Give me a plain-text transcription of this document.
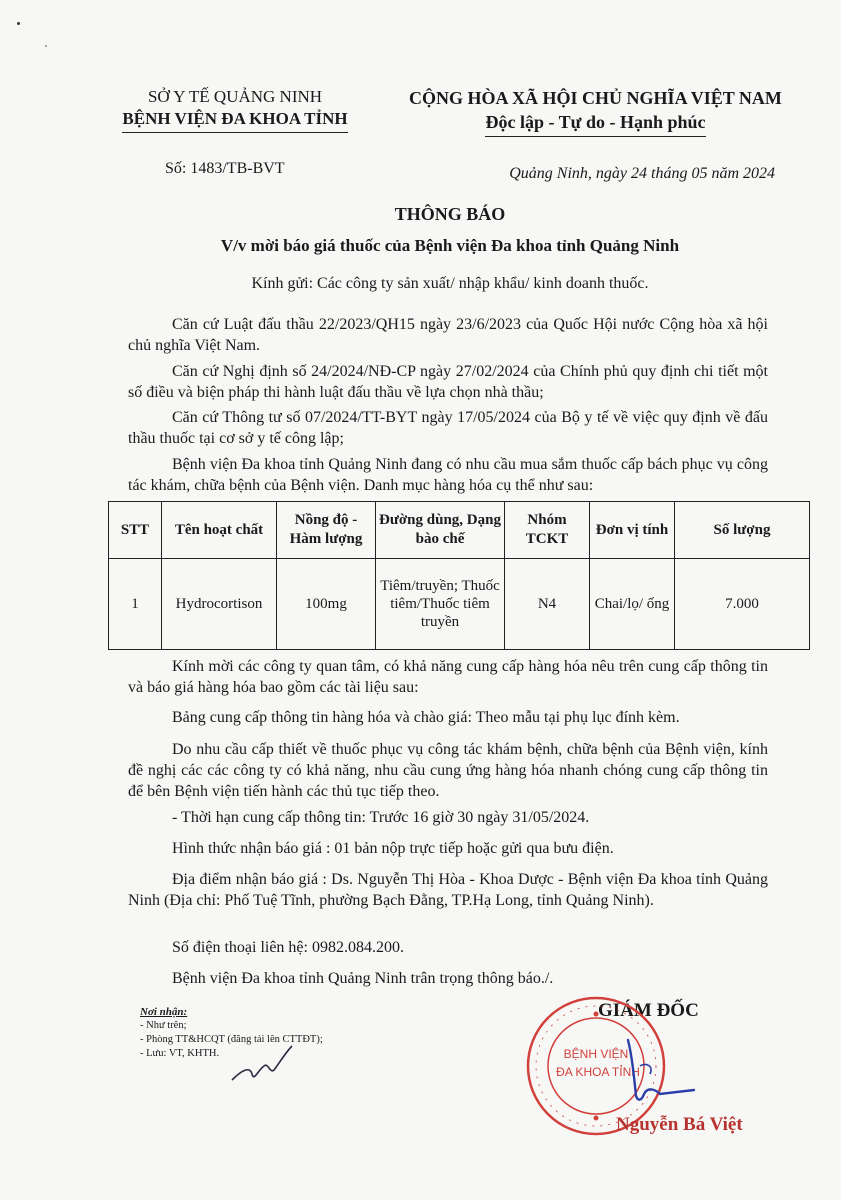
SỞ Y TẾ QUẢNG NINH
BỆNH VIỆN ĐA KHOA TỈNH
CỘNG HÒA XÃ HỘI CHỦ NGHĨA VIỆT NAM
Độc lập - Tự do - Hạnh phúc
Số: 1483/TB-BVT	Quảng Ninh, ngày 24 tháng 05 năm 2024
THÔNG BÁO
V/v mời báo giá thuốc của Bệnh viện Đa khoa tỉnh Quảng Ninh
Kính gửi: Các công ty sản xuất/ nhập khẩu/ kinh doanh thuốc.
Căn cứ Luật đấu thầu 22/2023/QH15 ngày 23/6/2023 của Quốc Hội nước Cộng hòa xã hội chủ nghĩa Việt Nam.
Căn cứ Nghị định số 24/2024/NĐ-CP ngày 27/02/2024 của Chính phủ quy định chi tiết một số điều và biện pháp thi hành luật đấu thầu về lựa chọn nhà thầu;
Căn cứ Thông tư số 07/2024/TT-BYT ngày 17/05/2024 của Bộ y tế về việc quy định về đấu thầu thuốc tại cơ sở y tế công lập;
Bệnh viện Đa khoa tỉnh Quảng Ninh đang có nhu cầu mua sắm thuốc cấp bách phục vụ công tác khám, chữa bệnh của Bệnh viện. Danh mục hàng hóa cụ thể như sau:
STT	Tên hoạt chất	Nồng độ - Hàm lượng	Đường dùng, Dạng bào chế	Nhóm TCKT	Đơn vị tính	Số lượng
1	Hydrocortison	100mg	Tiêm/truyền; Thuốc tiêm/Thuốc tiêm truyền	N4	Chai/lọ/ ống	7.000
Kính mời các công ty quan tâm, có khả năng cung cấp hàng hóa nêu trên cung cấp thông tin và báo giá hàng hóa bao gồm các tài liệu sau:
Bảng cung cấp thông tin hàng hóa và chào giá: Theo mẫu tại phụ lục đính kèm.
Do nhu cầu cấp thiết về thuốc phục vụ công tác khám bệnh, chữa bệnh của Bệnh viện, kính đề nghị các các công ty có khả năng, nhu cầu cung ứng hàng hóa nhanh chóng cung cấp thông tin để bên Bệnh viện tiến hành các thủ tục tiếp theo.
- Thời hạn cung cấp thông tin: Trước 16 giờ 30 ngày 31/05/2024.
Hình thức nhận báo giá : 01 bản nộp trực tiếp hoặc gửi qua bưu điện.
Địa điểm nhận báo giá : Ds. Nguyễn Thị Hòa - Khoa Dược - Bệnh viện Đa khoa tỉnh Quảng Ninh (Địa chỉ: Phố Tuệ Tĩnh, phường Bạch Đằng, TP.Hạ Long, tỉnh Quảng Ninh).
Số điện thoại liên hệ: 0982.084.200.
Bệnh viện Đa khoa tỉnh Quảng Ninh trân trọng thông báo./.
Nơi nhận:
- Như trên;
- Phòng TT&HCQT (đăng tải lên CTTĐT);
- Lưu: VT, KHTH.
GIÁM ĐỐC
BỆNH VIỆN
ĐA KHOA TỈNH
Nguyễn Bá Việt
